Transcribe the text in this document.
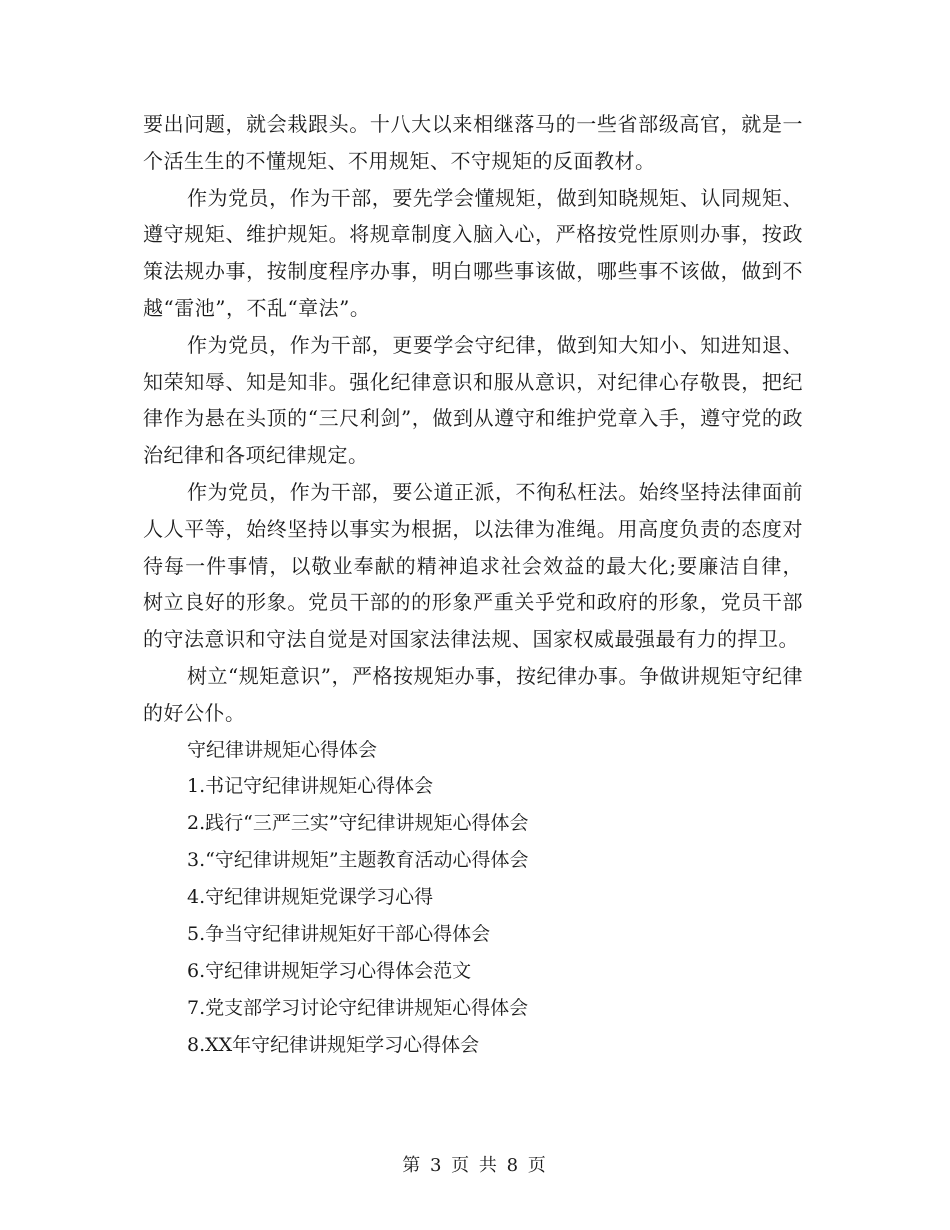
要出问题，就会栽跟头。十八大以来相继落马的一些省部级高官，就是一个活生生的不懂规矩、不用规矩、不守规矩的反面教材。

作为党员，作为干部，要先学会懂规矩，做到知晓规矩、认同规矩、遵守规矩、维护规矩。将规章制度入脑入心，严格按党性原则办事，按政策法规办事，按制度程序办事，明白哪些事该做，哪些事不该做，做到不越“雷池”，不乱“章法”。

作为党员，作为干部，更要学会守纪律，做到知大知小、知进知退、知荣知辱、知是知非。强化纪律意识和服从意识，对纪律心存敬畏，把纪律作为悬在头顶的“三尺利剑”，做到从遵守和维护党章入手，遵守党的政治纪律和各项纪律规定。

作为党员，作为干部，要公道正派，不徇私枉法。始终坚持法律面前人人平等，始终坚持以事实为根据，以法律为准绳。用高度负责的态度对待每一件事情，以敬业奉献的精神追求社会效益的最大化;要廉洁自律，树立良好的形象。党员干部的的形象严重关乎党和政府的形象，党员干部的守法意识和守法自觉是对国家法律法规、国家权威最强最有力的捍卫。

树立“规矩意识”，严格按规矩办事，按纪律办事。争做讲规矩守纪律的好公仆。

守纪律讲规矩心得体会

1.书记守纪律讲规矩心得体会
2.践行“三严三实”守纪律讲规矩心得体会
3.“守纪律讲规矩”主题教育活动心得体会
4.守纪律讲规矩党课学习心得
5.争当守纪律讲规矩好干部心得体会
6.守纪律讲规矩学习心得体会范文
7.党支部学习讨论守纪律讲规矩心得体会
8.XX年守纪律讲规矩学习心得体会
第 3 页 共 8 页
